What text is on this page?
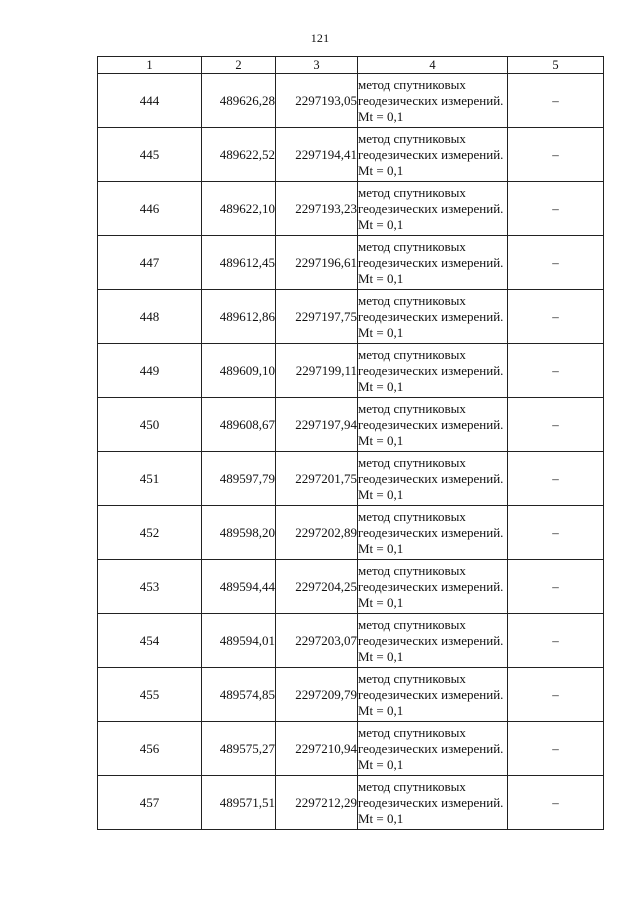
121
1	2	3	4	5
444	489626,28	2297193,05	метод спутниковых геодезических измерений. Mt = 0,1	–
445	489622,52	2297194,41	метод спутниковых геодезических измерений. Mt = 0,1	–
446	489622,10	2297193,23	метод спутниковых геодезических измерений. Mt = 0,1	–
447	489612,45	2297196,61	метод спутниковых геодезических измерений. Mt = 0,1	–
448	489612,86	2297197,75	метод спутниковых геодезических измерений. Mt = 0,1	–
449	489609,10	2297199,11	метод спутниковых геодезических измерений. Mt = 0,1	–
450	489608,67	2297197,94	метод спутниковых геодезических измерений. Mt = 0,1	–
451	489597,79	2297201,75	метод спутниковых геодезических измерений. Mt = 0,1	–
452	489598,20	2297202,89	метод спутниковых геодезических измерений. Mt = 0,1	–
453	489594,44	2297204,25	метод спутниковых геодезических измерений. Mt = 0,1	–
454	489594,01	2297203,07	метод спутниковых геодезических измерений. Mt = 0,1	–
455	489574,85	2297209,79	метод спутниковых геодезических измерений. Mt = 0,1	–
456	489575,27	2297210,94	метод спутниковых геодезических измерений. Mt = 0,1	–
457	489571,51	2297212,29	метод спутниковых геодезических измерений. Mt = 0,1	–
